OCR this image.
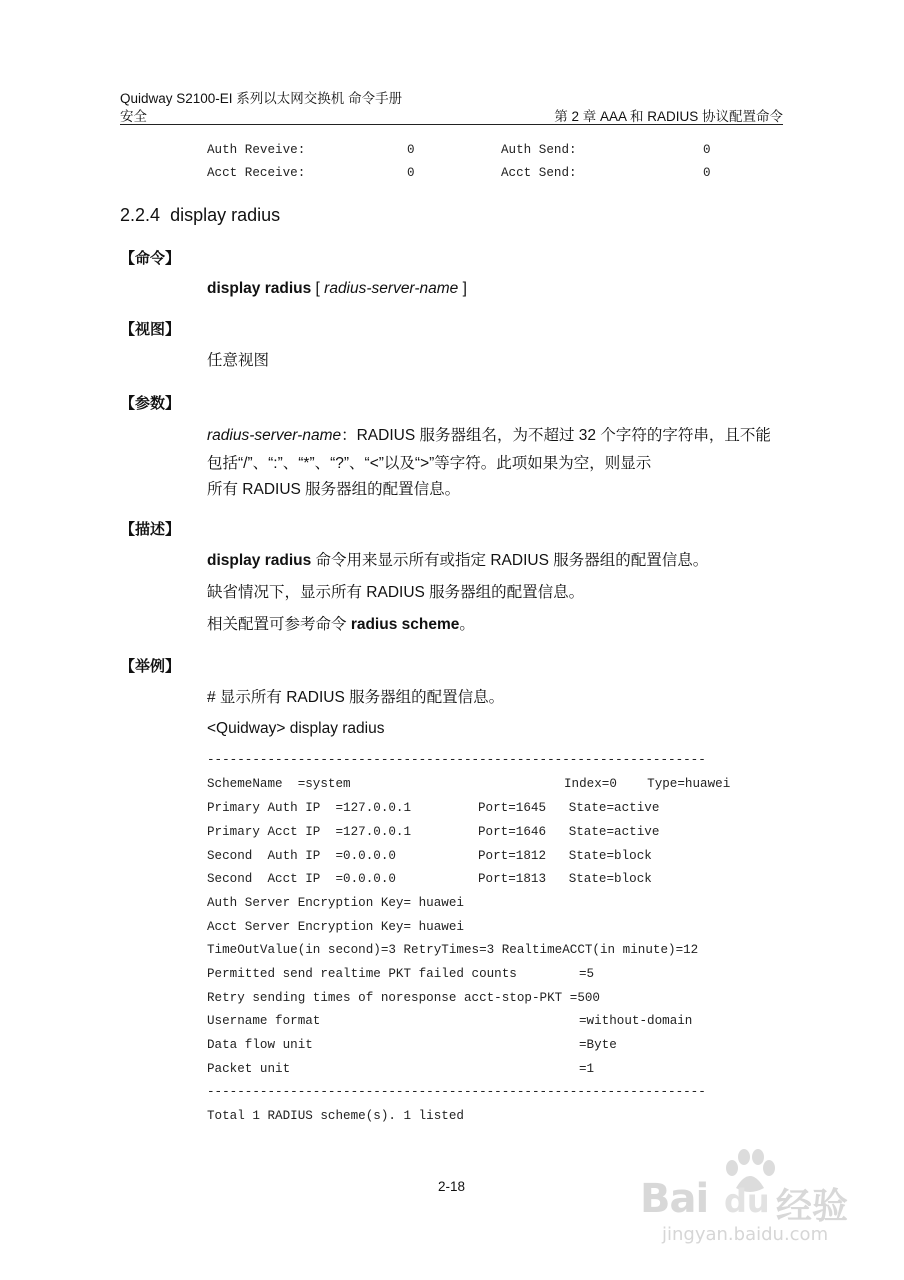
Quidway S2100-EI 系列以太网交换机 命令手册
安全	第 2 章 AAA 和 RADIUS 协议配置命令
Auth Reveive:	0	Auth Send:	0
Acct Receive:	0	Acct Send:	0
2.2.4 display radius
【命令】
display radius [ radius-server-name ]
【视图】
任意视图
【参数】
radius-server-name：RADIUS 服务器组名，为不超过 32 个字符的字符串，且不能
包括“/”、“:”、“*”、“?”、“<”以及“>”等字符。此项如果为空，则显示
所有 RADIUS 服务器组的配置信息。
【描述】
display radius 命令用来显示所有或指定 RADIUS 服务器组的配置信息。
缺省情况下，显示所有 RADIUS 服务器组的配置信息。
相关配置可参考命令 radius scheme。
【举例】
# 显示所有 RADIUS 服务器组的配置信息。
<Quidway> display radius
------------------------------------------------------------------
SchemeName  =system	Index=0    Type=huawei
Primary Auth IP  =127.0.0.1	Port=1645   State=active
Primary Acct IP  =127.0.0.1	Port=1646   State=active
Second  Auth IP  =0.0.0.0	Port=1812   State=block
Second  Acct IP  =0.0.0.0	Port=1813   State=block
Auth Server Encryption Key= huawei
Acct Server Encryption Key= huawei
TimeOutValue(in second)=3 RetryTimes=3 RealtimeACCT(in minute)=12
Permitted send realtime PKT failed counts	=5
Retry sending times of noresponse acct-stop-PKT =500
Username format	=without-domain
Data flow unit	=Byte
Packet unit	=1
------------------------------------------------------------------
Total 1 RADIUS scheme(s). 1 listed
2-18	Bai du 经验
jingyan.baidu.com
